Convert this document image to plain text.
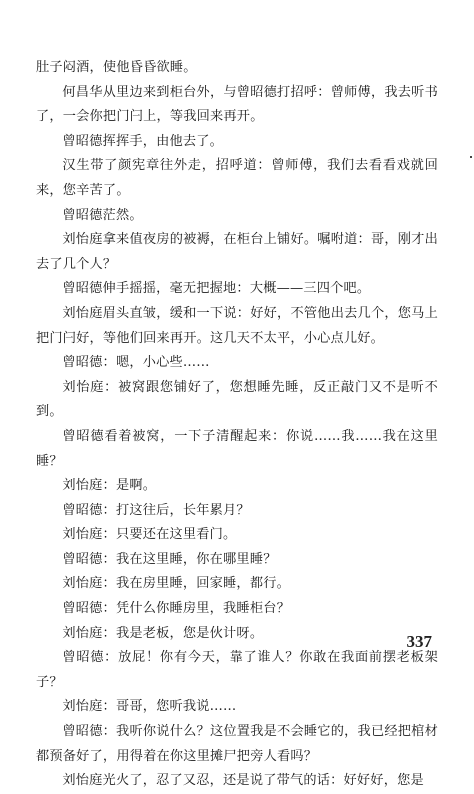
肚子闷酒，使他昏昏欲睡。

何昌华从里边来到柜台外，与曾昭德打招呼：曾师傅，我去听书了，一会你把门闩上，等我回来再开。

曾昭德挥挥手，由他去了。

汉生带了颜宪章往外走，招呼道：曾师傅，我们去看看戏就回来，您辛苦了。

曾昭德茫然。

刘怡庭拿来值夜房的被褥，在柜台上铺好。嘱咐道：哥，刚才出去了几个人？

曾昭德伸手摇摇，毫无把握地：大概——三四个吧。

刘怡庭眉头直皱，缓和一下说：好好，不管他出去几个，您马上把门闩好，等他们回来再开。这几天不太平，小心点儿好。

曾昭德：嗯，小心些……

刘怡庭：被窝跟您铺好了，您想睡先睡，反正敲门又不是听不到。

曾昭德看着被窝，一下子清醒起来：你说……我……我在这里睡？

刘怡庭：是啊。

曾昭德：打这往后，长年累月？

刘怡庭：只要还在这里看门。

曾昭德：我在这里睡，你在哪里睡？

刘怡庭：我在房里睡，回家睡，都行。

曾昭德：凭什么你睡房里，我睡柜台？

刘怡庭：我是老板，您是伙计呀。

曾昭德：放屁！你有今天，靠了谁人？你敢在我面前摆老板架子？

刘怡庭：哥哥，您听我说……

曾昭德：我听你说什么？这位置我是不会睡它的，我已经把棺材都预备好了，用得着在你这里摊尸把旁人看吗？

刘怡庭光火了，忍了又忍，还是说了带气的话：好好好，您是

337
